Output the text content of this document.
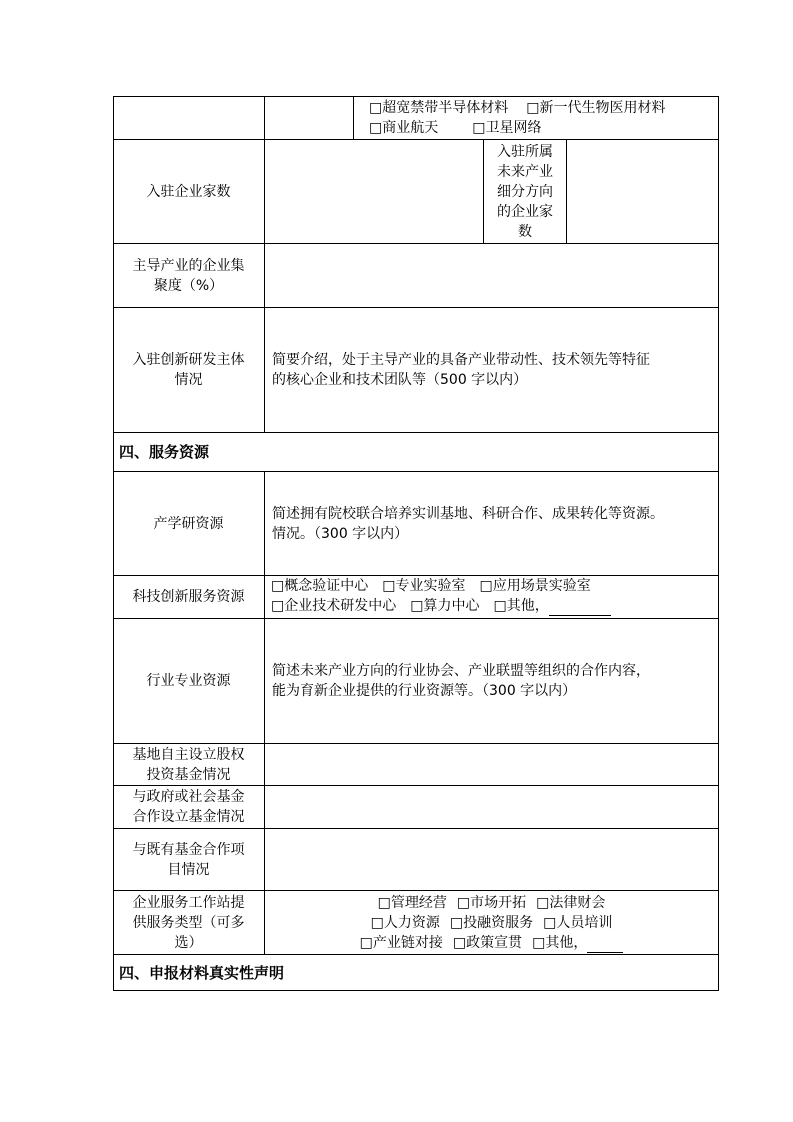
□超宽禁带半导体材料 □新一代生物医用材料
□商业航天 □卫星网络
入驻企业家数
入驻所属
未来产业
细分方向
的企业家
数
主导产业的企业集
聚度（%）
入驻创新研发主体
情况
简要介绍，处于主导产业的具备产业带动性、技术领先等特征
的核心企业和技术团队等（500 字以内）
四、服务资源
产学研资源
简述拥有院校联合培养实训基地、科研合作、成果转化等资源。
情况。（300 字以内）
科技创新服务资源
□概念验证中心 □专业实验室 □应用场景实验室
□企业技术研发中心 □算力中心 □其他，
行业专业资源
简述未来产业方向的行业协会、产业联盟等组织的合作内容，
能为育新企业提供的行业资源等。（300 字以内）
基地自主设立股权
投资基金情况
与政府或社会基金
合作设立基金情况
与既有基金合作项
目情况
企业服务工作站提
供服务类型（可多
选）
□管理经营 □市场开拓 □法律财会
□人力资源 □投融资服务 □人员培训
□产业链对接 □政策宣贯 □其他，
四、申报材料真实性声明
